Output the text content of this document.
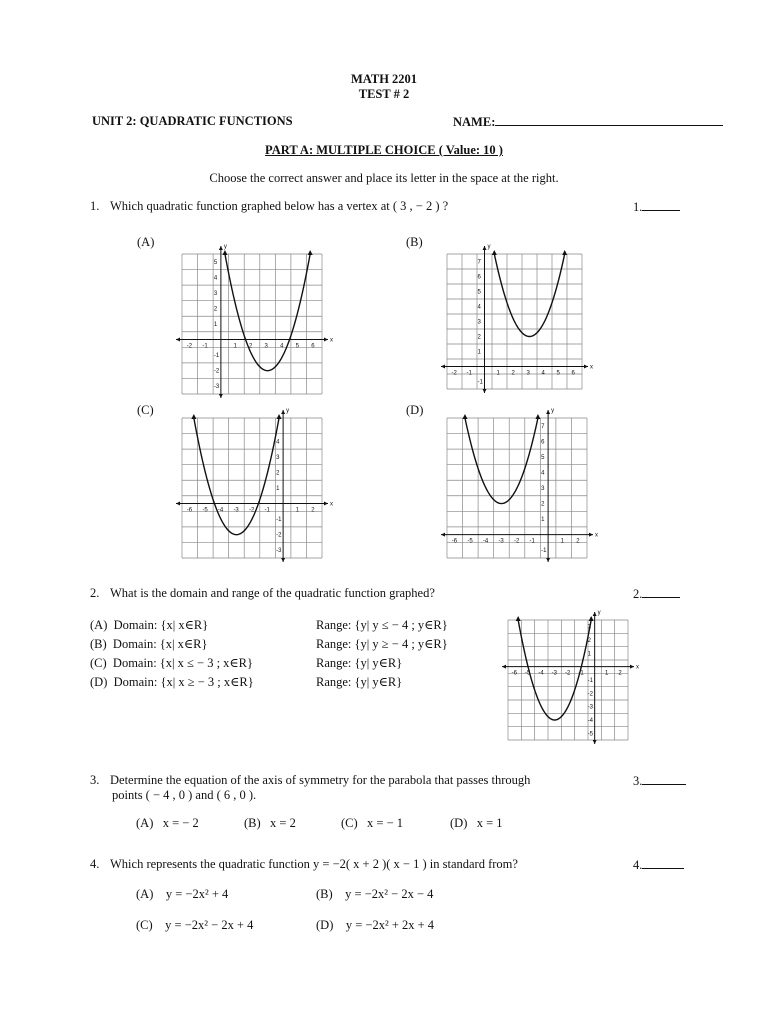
MATH 2201
TEST # 2
UNIT 2: QUADRATIC FUNCTIONS	NAME:
PART A: MULTIPLE CHOICE ( Value: 10 )
Choose the correct answer and place its letter in the space at the right.
1. Which quadratic function graphed below has a vertex at ( 3 , − 2 ) ?	1.
(A)	(B)
(C)	(D)
x
y
-2 -1	1 2 3 4 5 6
5
4
3
2
1
-1
-2
-3
x
y
-2 -1	1 2 3 4 5 6
7
6
5
4
3
2
1
-1
x
y
-6 -5 -4 -3 -2 -1	1 2
4
3
2
1
-1
-2
-3
x
y
-6 -5 -4 -3 -2 -1	1 2
7
6
5
4
3
2
1
-1
2. What is the domain and range of the quadratic function graphed?	2.
(A) Domain: {x| x∈R}	Range: {y| y ≤ − 4 ; y∈R}
(B) Domain: {x| x∈R}	Range: {y| y ≥ − 4 ; y∈R}
(C) Domain: {x| x ≤ − 3 ; x∈R}	Range: {y| y∈R}
(D) Domain: {x| x ≥ − 3 ; x∈R}	Range: {y| y∈R}
x
y
-6 -5 -4 -3 -2 -1	1 2
3
2
1
-1
-2
-3
-4
-5
3. Determine the equation of the axis of symmetry for the parabola that passes through
points ( − 4 , 0 ) and ( 6 , 0 ).
3.
(A) x = − 2	(B) x = 2	(C) x = − 1	(D) x = 1
4. Which represents the quadratic function y = −2( x + 2 )( x − 1 ) in standard from?	4.
(A) y = −2x² + 4	(B) y = −2x² − 2x − 4
(C) y = −2x² − 2x + 4	(D) y = −2x² + 2x + 4
